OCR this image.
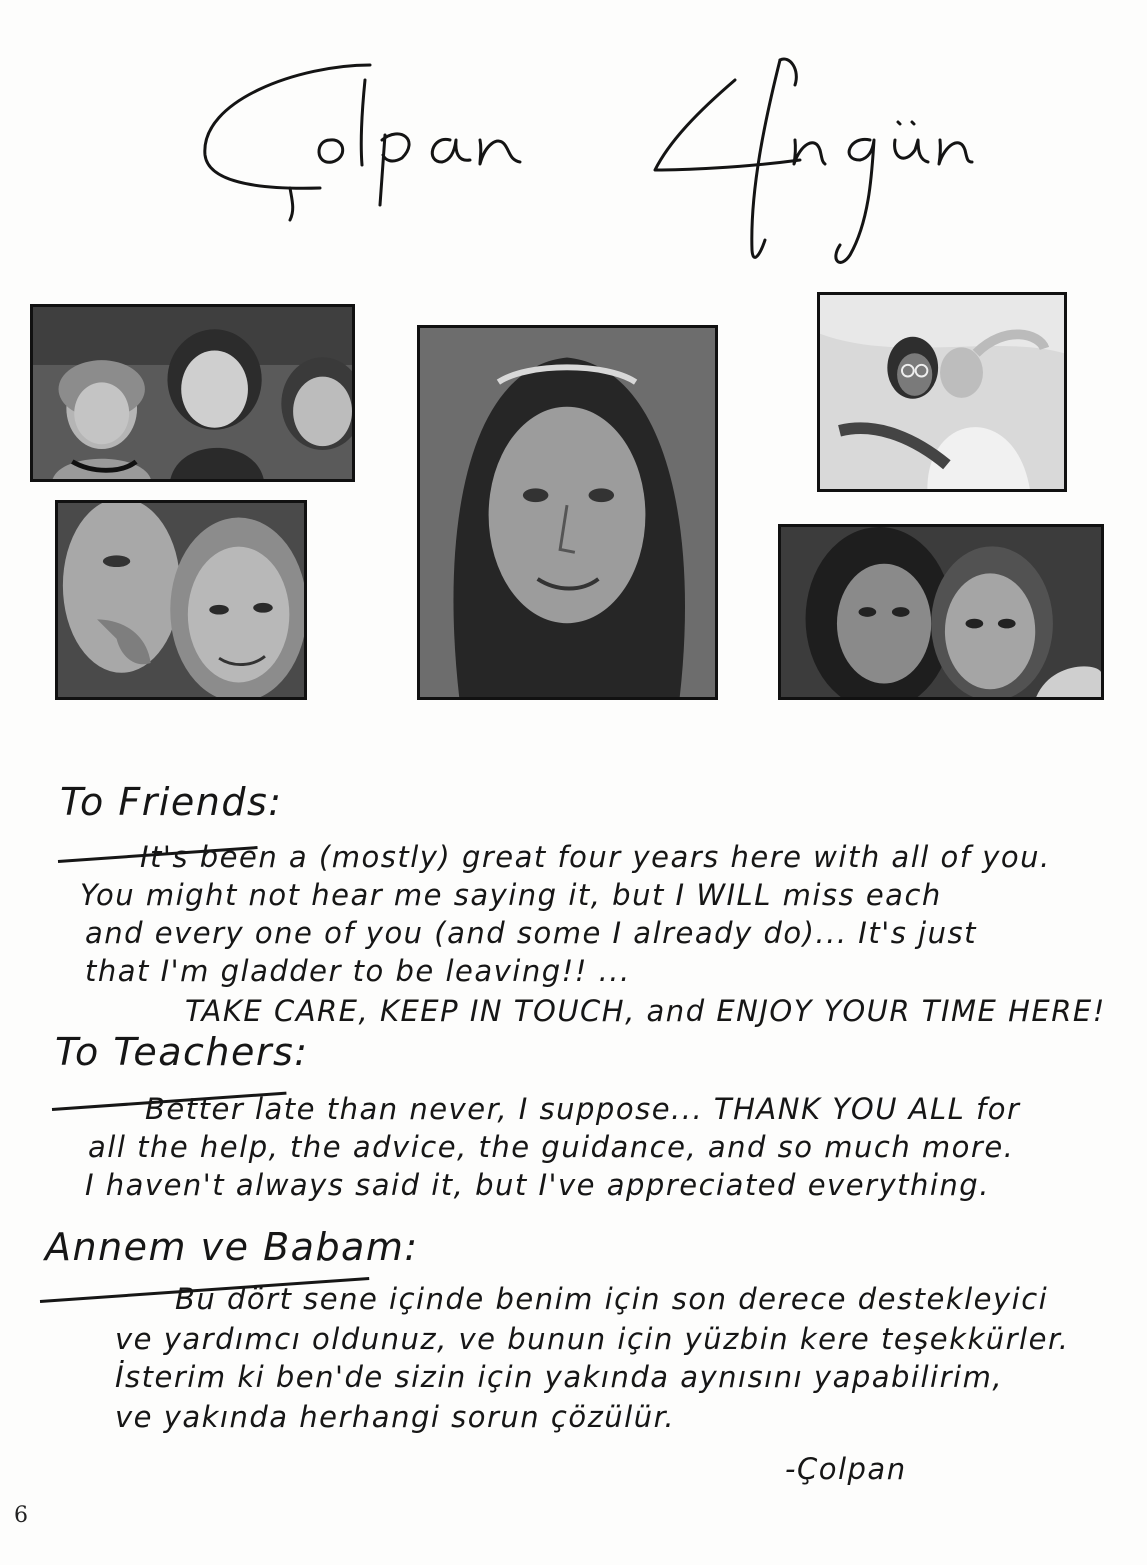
To Friends:
It's been a (mostly) great four years here with all of you.
You might not hear me saying it, but I WILL miss each
and every one of you (and some I already do)... It's just
that I'm gladder to be leaving!! ...
TAKE CARE, KEEP IN TOUCH, and ENJOY YOUR TIME HERE!
To Teachers:
Better late than never, I suppose... THANK YOU ALL for
all the help, the advice, the guidance, and so much more.
I haven't always said it, but I've appreciated everything.
Annem ve Babam:
Bu dört sene içinde benim için son derece destekleyici
ve yardımcı oldunuz, ve bunun için yüzbin kere teşekkürler.
İsterim ki ben'de sizin için yakında aynısını yapabilirim,
ve yakında herhangi sorun çözülür.
-Çolpan
6
